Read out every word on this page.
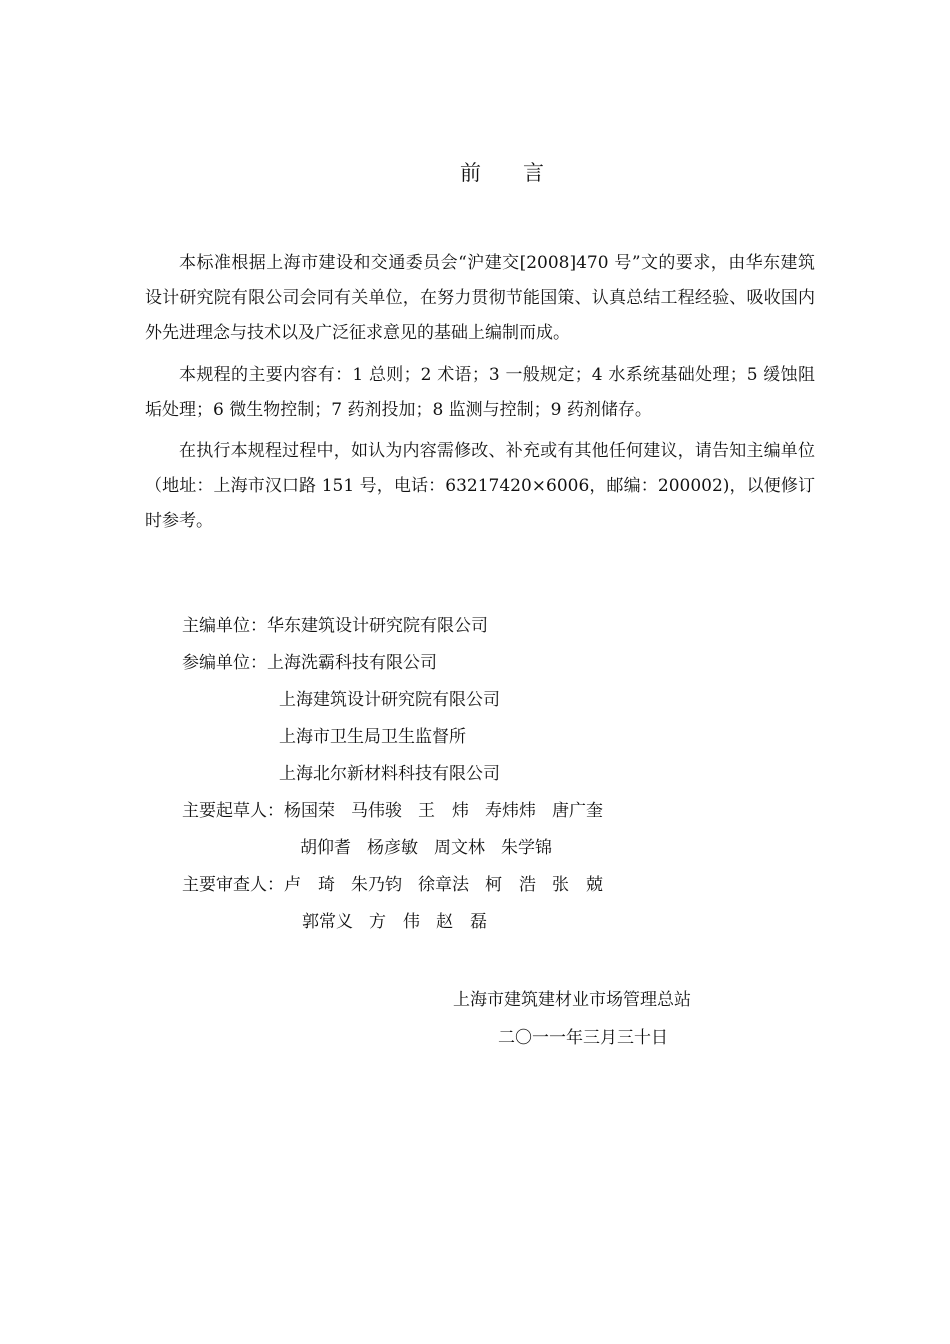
前 言

本标准根据上海市建设和交通委员会“沪建交[2008]470 号”文的要求，由华东建筑设计研究院有限公司会同有关单位，在努力贯彻节能国策、认真总结工程经验、吸收国内外先进理念与技术以及广泛征求意见的基础上编制而成。

本规程的主要内容有：1 总则；2 术语；3 一般规定；4 水系统基础处理；5 缓蚀阻垢处理；6 微生物控制；7 药剂投加；8 监测与控制；9 药剂储存。

在执行本规程过程中，如认为内容需修改、补充或有其他任何建议，请告知主编单位（地址：上海市汉口路 151 号，电话：63217420×6006，邮编：200002)，以便修订时参考。

主编单位：华东建筑设计研究院有限公司
参编单位：上海洗霸科技有限公司
上海建筑设计研究院有限公司
上海市卫生局卫生监督所
上海北尔新材料科技有限公司
主要起草人：杨国荣 马伟骏 王　炜 寿炜炜 唐广奎
胡仰耆 杨彦敏 周文林 朱学锦
主要审查人：卢　琦 朱乃钧 徐章法 柯　浩 张　兢
郭常义 方　伟 赵　磊
上海市建筑建材业市场管理总站
二〇一一年三月三十日
